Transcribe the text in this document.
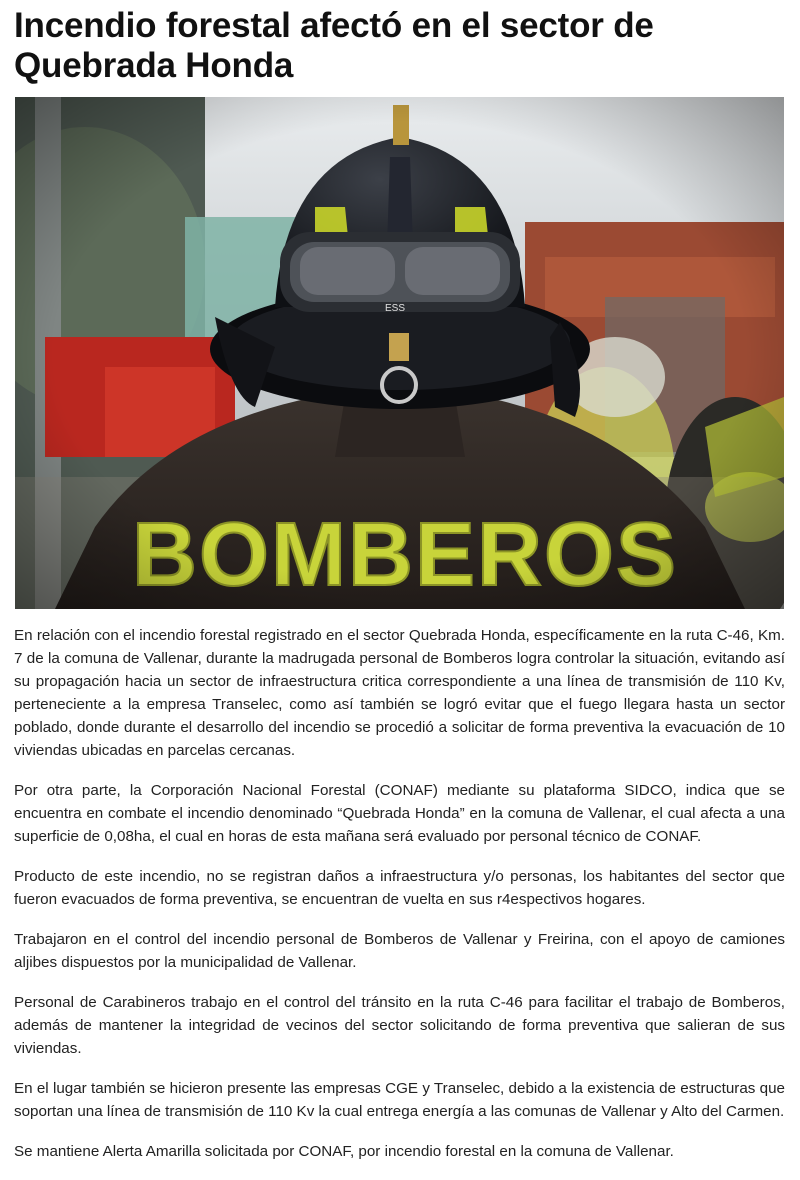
Incendio forestal afectó en el sector de Quebrada Honda

En relación con el incendio forestal registrado en el sector Quebrada Honda, específicamente en la ruta C-46, Km. 7 de la comuna de Vallenar, durante la madrugada personal de Bomberos logra controlar la situación, evitando así su propagación hacia un sector de infraestructura critica correspondiente a una línea de transmisión de 110 Kv, perteneciente a la empresa Transelec, como así también se logró evitar que el fuego llegara hasta un sector poblado, donde durante el desarrollo del incendio se procedió a solicitar de forma preventiva la evacuación de 10 viviendas ubicadas en parcelas cercanas.

Por otra parte, la Corporación Nacional Forestal (CONAF) mediante su plataforma SIDCO, indica que se encuentra en combate el incendio denominado “Quebrada Honda” en la comuna de Vallenar, el cual afecta a una superficie de 0,08ha, el cual en horas de esta mañana será evaluado por personal técnico de CONAF.

Producto de este incendio, no se registran daños a infraestructura y/o personas, los habitantes del sector que fueron evacuados de forma preventiva, se encuentran de vuelta en sus r4espectivos hogares.

Trabajaron en el control del incendio personal de Bomberos de Vallenar y Freirina, con el apoyo de camiones aljibes dispuestos por la municipalidad de Vallenar.

Personal de Carabineros trabajo en el control del tránsito en la ruta C-46 para facilitar el trabajo de Bomberos, además de mantener la integridad de vecinos del sector solicitando de forma preventiva que salieran de sus viviendas.

En el lugar también se hicieron presente las empresas CGE y Transelec, debido a la existencia de estructuras que soportan una línea de transmisión de 110 Kv la cual entrega energía a las comunas de Vallenar y Alto del Carmen.

Se mantiene Alerta Amarilla solicitada por CONAF, por incendio forestal en la comuna de Vallenar.
